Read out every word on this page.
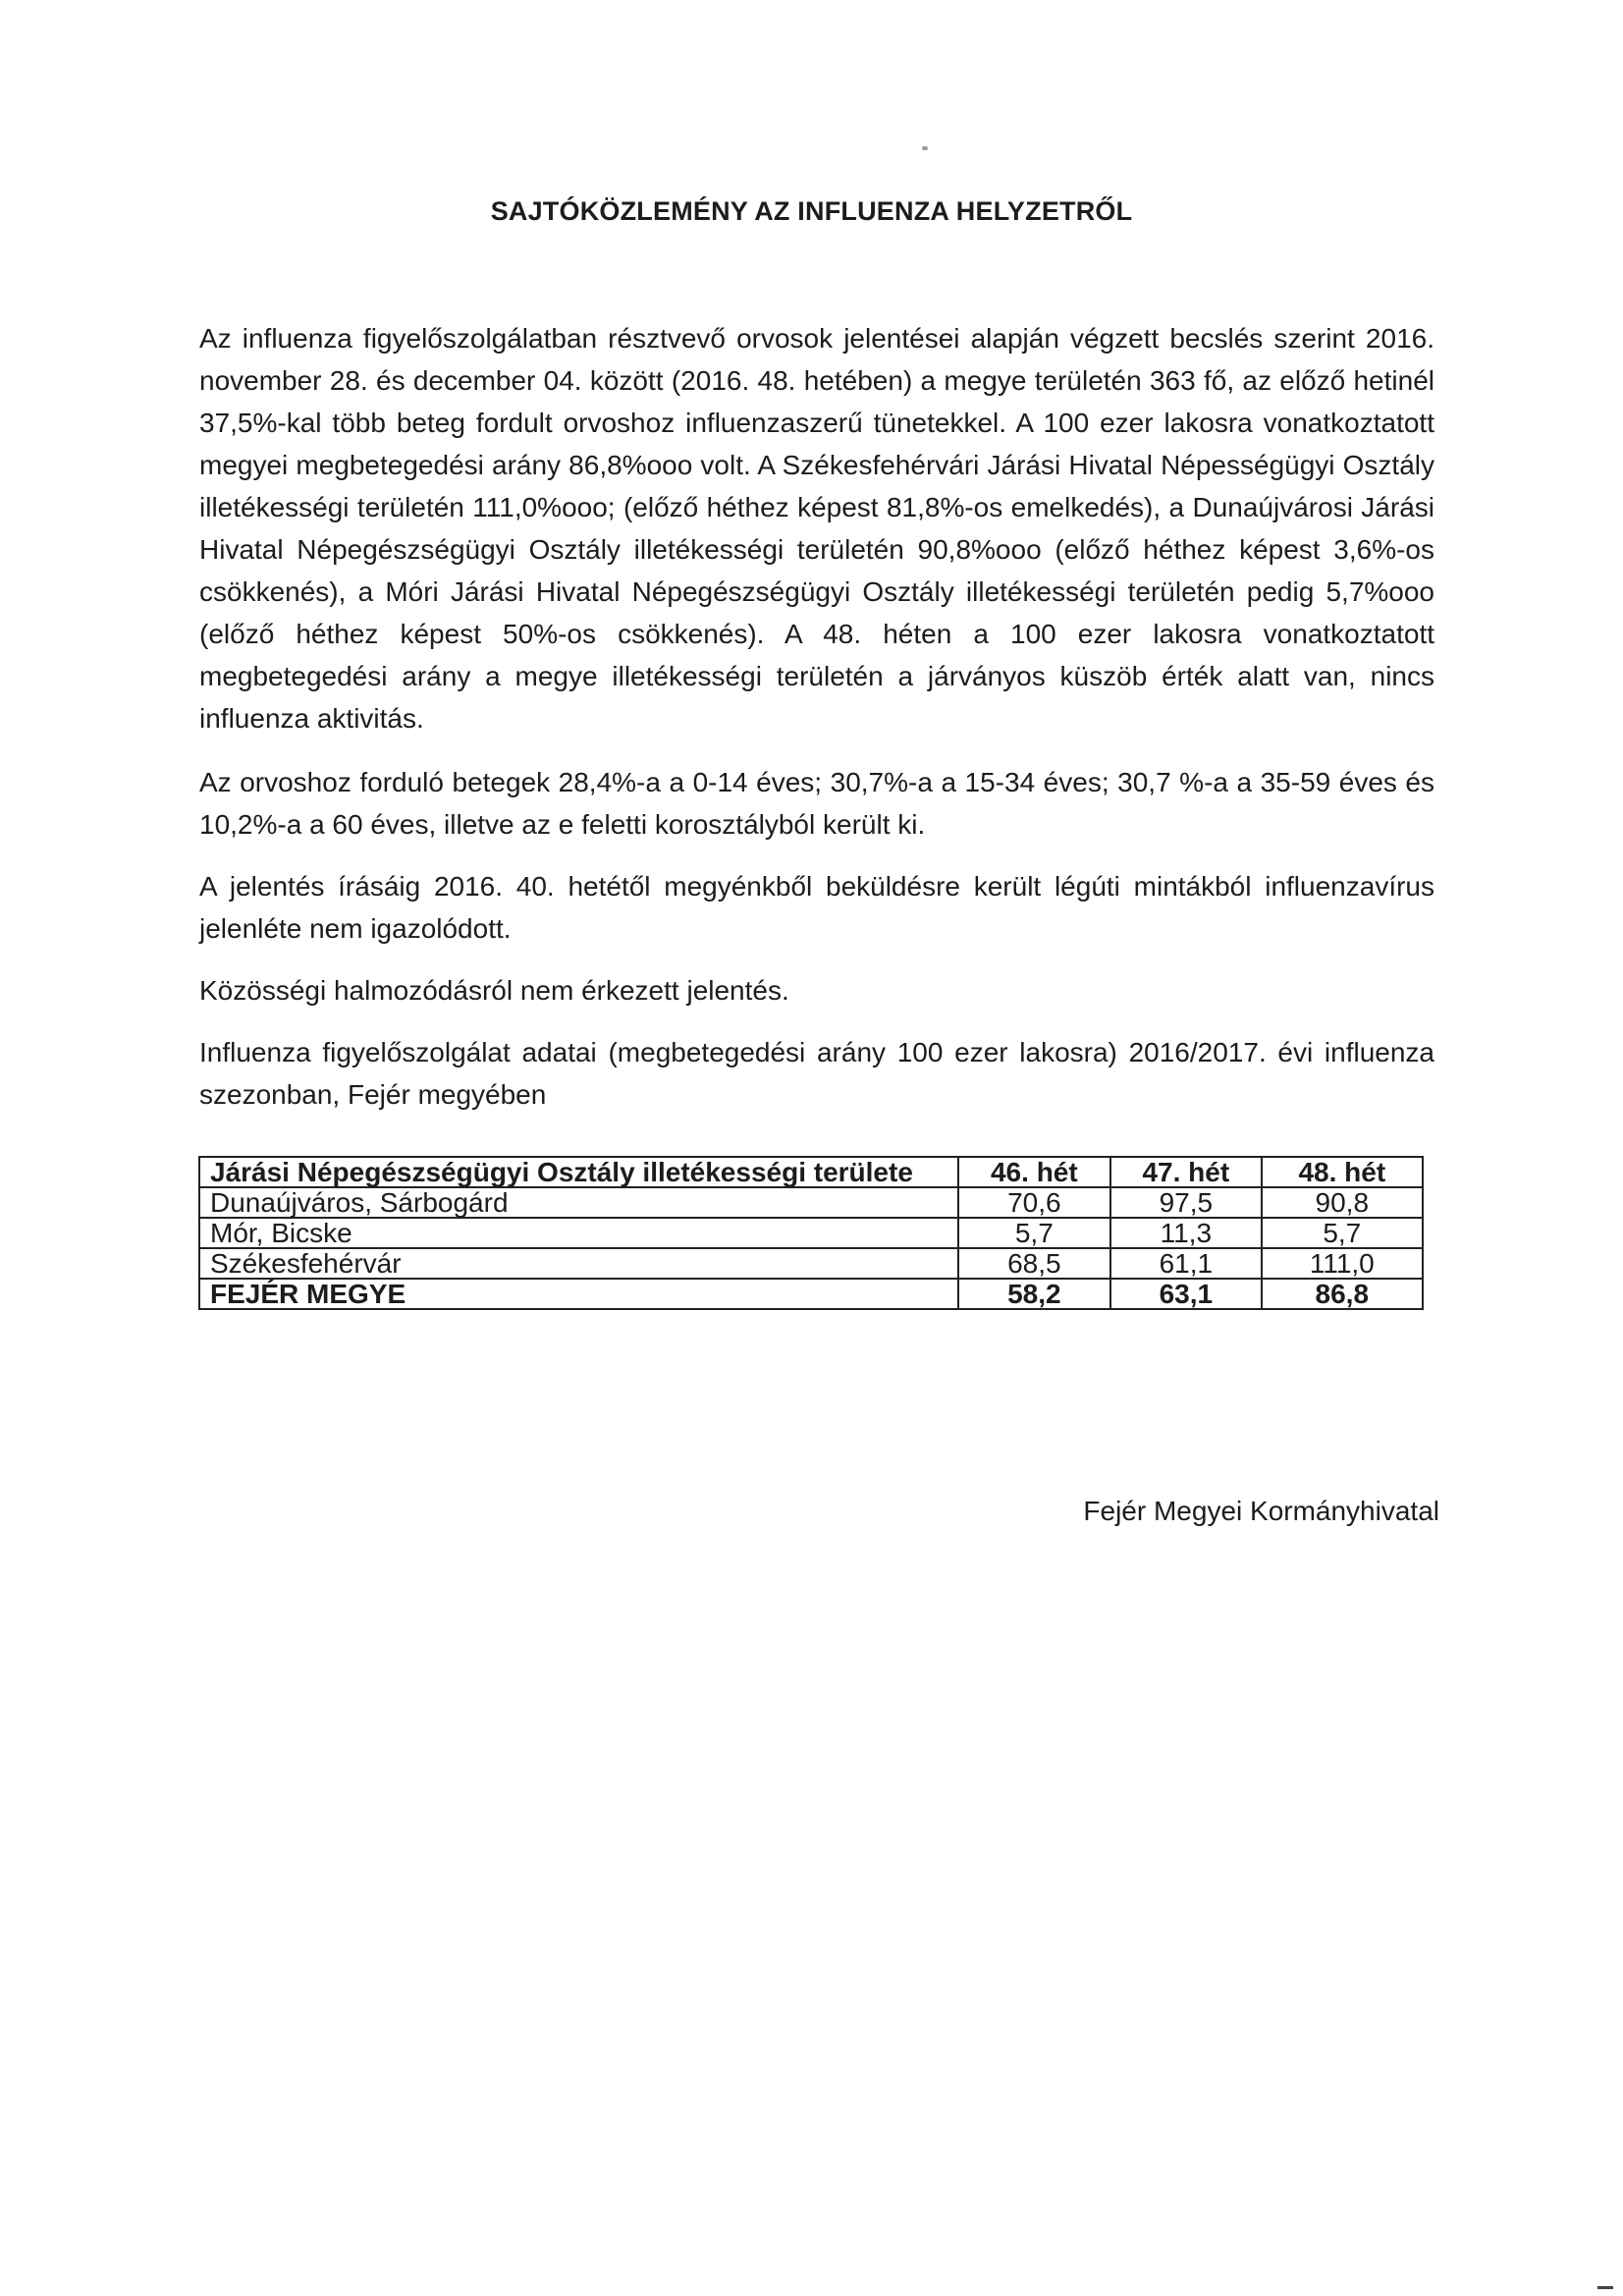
SAJTÓKÖZLEMÉNY AZ INFLUENZA HELYZETRŐL

Az influenza figyelőszolgálatban résztvevő orvosok jelentései alapján végzett becslés szerint 2016. november 28. és december 04. között (2016. 48. hetében) a megye területén 363 fő, az előző hetinél 37,5%-kal több beteg fordult orvoshoz influenzaszerű tünetekkel. A 100 ezer lakosra vonatkoztatott megyei megbetegedési arány 86,8%ooo volt. A Székesfehérvári Járási Hivatal Népességügyi Osztály illetékességi területén 111,0%ooo; (előző héthez képest 81,8%-os emelkedés), a Dunaújvárosi Járási Hivatal Népegészségügyi Osztály illetékességi területén 90,8%ooo (előző héthez képest 3,6%-os csökkenés), a Móri Járási Hivatal Népegészségügyi Osztály illetékességi területén pedig 5,7%ooo (előző héthez képest 50%-os csökkenés). A 48. héten a 100 ezer lakosra vonatkoztatott megbetegedési arány a megye illetékességi területén a járványos küszöb érték alatt van, nincs influenza aktivitás.

Az orvoshoz forduló betegek 28,4%-a a 0-14 éves; 30,7%-a a 15-34 éves; 30,7 %-a a 35-59 éves és 10,2%-a a 60 éves, illetve az e feletti korosztályból került ki.

A jelentés írásáig 2016. 40. hetétől megyénkből beküldésre került légúti mintákból influenzavírus jelenléte nem igazolódott.

Közösségi halmozódásról nem érkezett jelentés.

Influenza figyelőszolgálat adatai (megbetegedési arány 100 ezer lakosra) 2016/2017. évi influenza szezonban, Fejér megyében

Járási Népegészségügyi Osztály illetékességi területe	46. hét	47. hét	48. hét
Dunaújváros, Sárbogárd	70,6	97,5	90,8
Mór, Bicske	5,7	11,3	5,7
Székesfehérvár	68,5	61,1	111,0
FEJÉR MEGYE	58,2	63,1	86,8
Fejér Megyei Kormányhivatal
